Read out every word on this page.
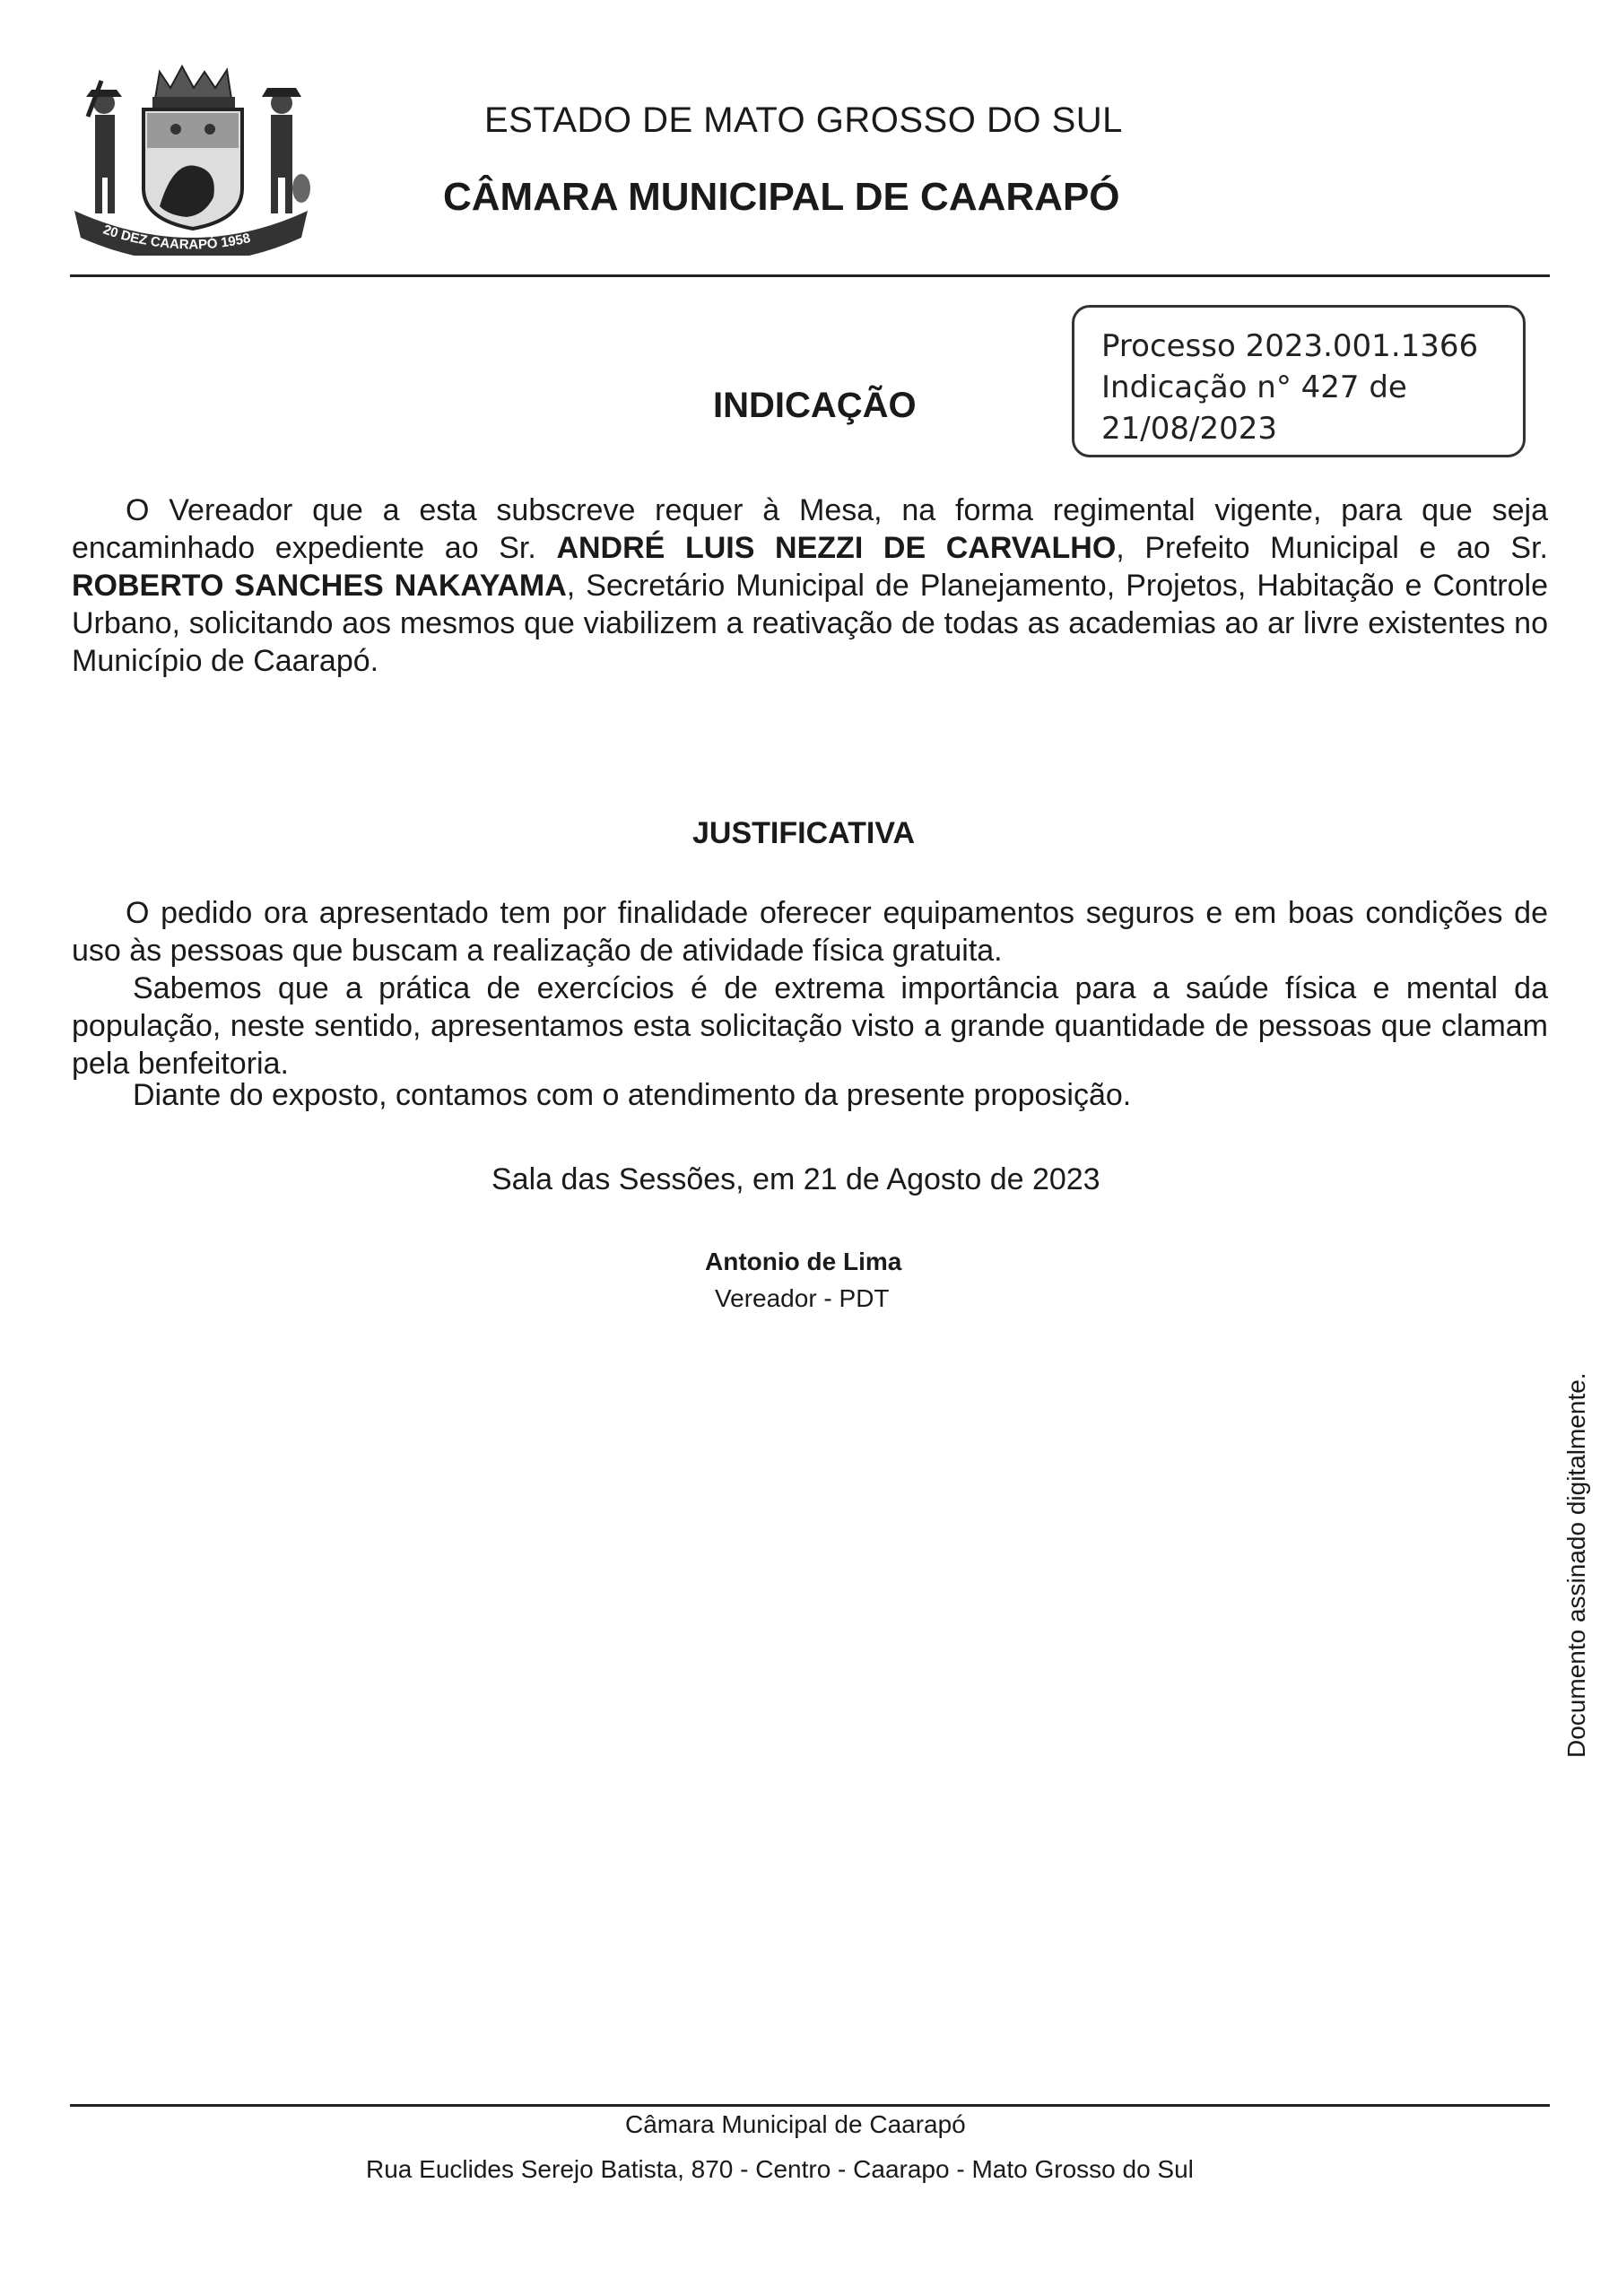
20 DEZ CAARAPÓ 1958
ESTADO DE MATO GROSSO DO SUL
CÂMARA MUNICIPAL DE CAARAPÓ
Processo 2023.001.1366
Indicação n° 427 de
21/08/2023
INDICAÇÃO
O Vereador que a esta subscreve requer à Mesa, na forma regimental vigente, para que seja encaminhado expediente ao Sr. ANDRÉ LUIS NEZZI DE CARVALHO, Prefeito Municipal e ao Sr. ROBERTO SANCHES NAKAYAMA, Secretário Municipal de Planejamento, Projetos, Habitação e Controle Urbano, solicitando aos mesmos que viabilizem a reativação de todas as academias ao ar livre existentes no Município de Caarapó.
JUSTIFICATIVA
O pedido ora apresentado tem por finalidade oferecer equipamentos seguros e em boas condições de uso às pessoas que buscam a realização de atividade física gratuita.
Sabemos que a prática de exercícios é de extrema importância para a saúde física e mental da população, neste sentido, apresentamos esta solicitação visto a grande quantidade de pessoas que clamam pela benfeitoria.
Diante do exposto, contamos com o atendimento da presente proposição.
Sala das Sessões, em 21 de Agosto de 2023
Antonio de Lima
Vereador - PDT
Documento assinado digitalmente.
Câmara Municipal de Caarapó
Rua Euclides Serejo Batista, 870 - Centro - Caarapo - Mato Grosso do Sul
